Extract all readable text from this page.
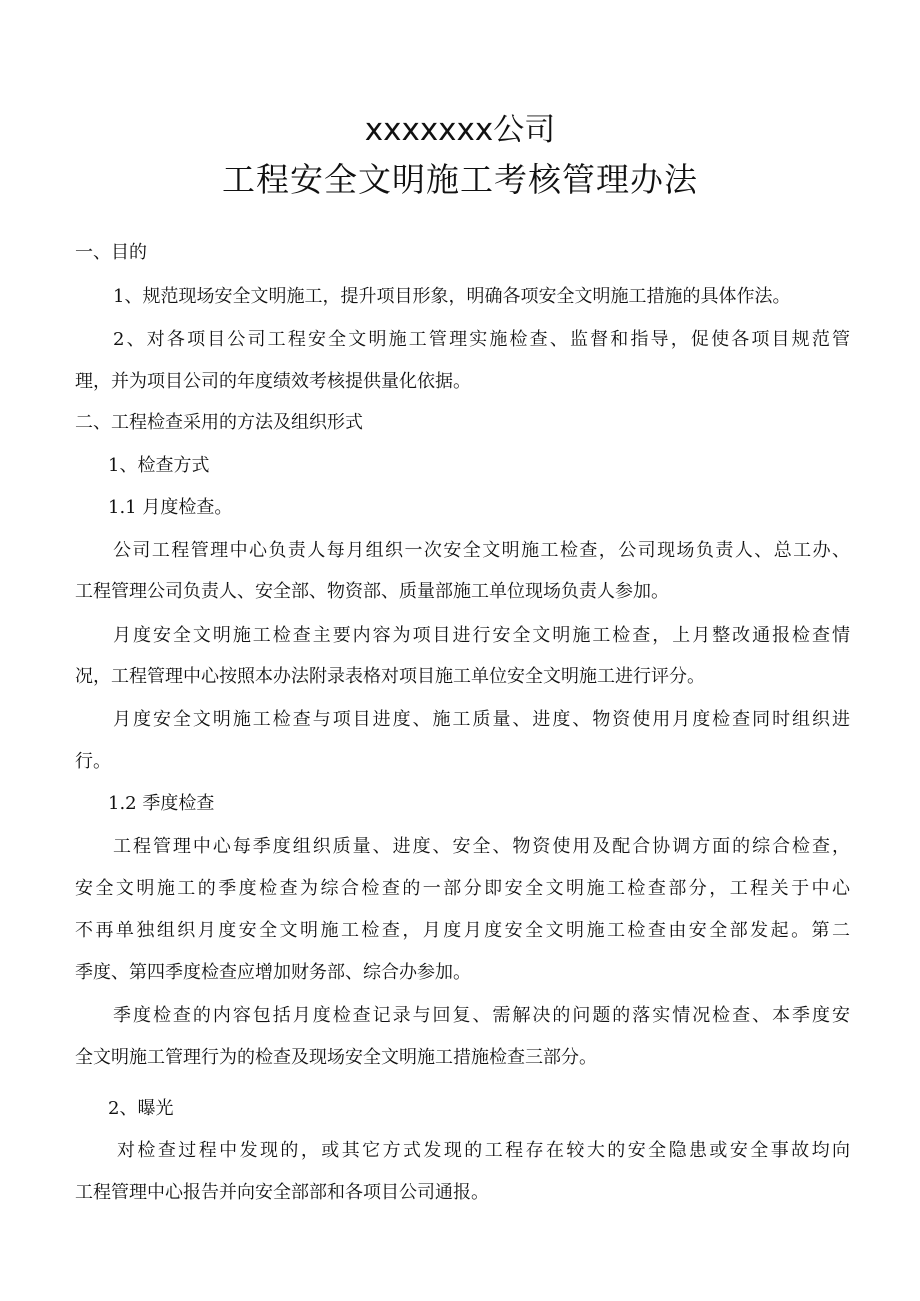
xxxxxxx公司
工程安全文明施工考核管理办法
一、目的
1、规范现场安全文明施工，提升项目形象，明确各项安全文明施工措施的具体作法。
2、对各项目公司工程安全文明施工管理实施检查、监督和指导，促使各项目规范管
理，并为项目公司的年度绩效考核提供量化依据。
二、工程检查采用的方法及组织形式
1、检查方式
1.1 月度检查。
公司工程管理中心负责人每月组织一次安全文明施工检查，公司现场负责人、总工办、
工程管理公司负责人、安全部、物资部、质量部施工单位现场负责人参加。
月度安全文明施工检查主要内容为项目进行安全文明施工检查，上月整改通报检查情
况，工程管理中心按照本办法附录表格对项目施工单位安全文明施工进行评分。
月度安全文明施工检查与项目进度、施工质量、进度、物资使用月度检查同时组织进
行。
1.2 季度检查
工程管理中心每季度组织质量、进度、安全、物资使用及配合协调方面的综合检查，
安全文明施工的季度检查为综合检查的一部分即安全文明施工检查部分，工程关于中心
不再单独组织月度安全文明施工检查，月度月度安全文明施工检查由安全部发起。第二
季度、第四季度检查应增加财务部、综合办参加。
季度检查的内容包括月度检查记录与回复、需解决的问题的落实情况检查、本季度安
全文明施工管理行为的检查及现场安全文明施工措施检查三部分。
2、曝光
对检查过程中发现的，或其它方式发现的工程存在较大的安全隐患或安全事故均向
工程管理中心报告并向安全部部和各项目公司通报。
